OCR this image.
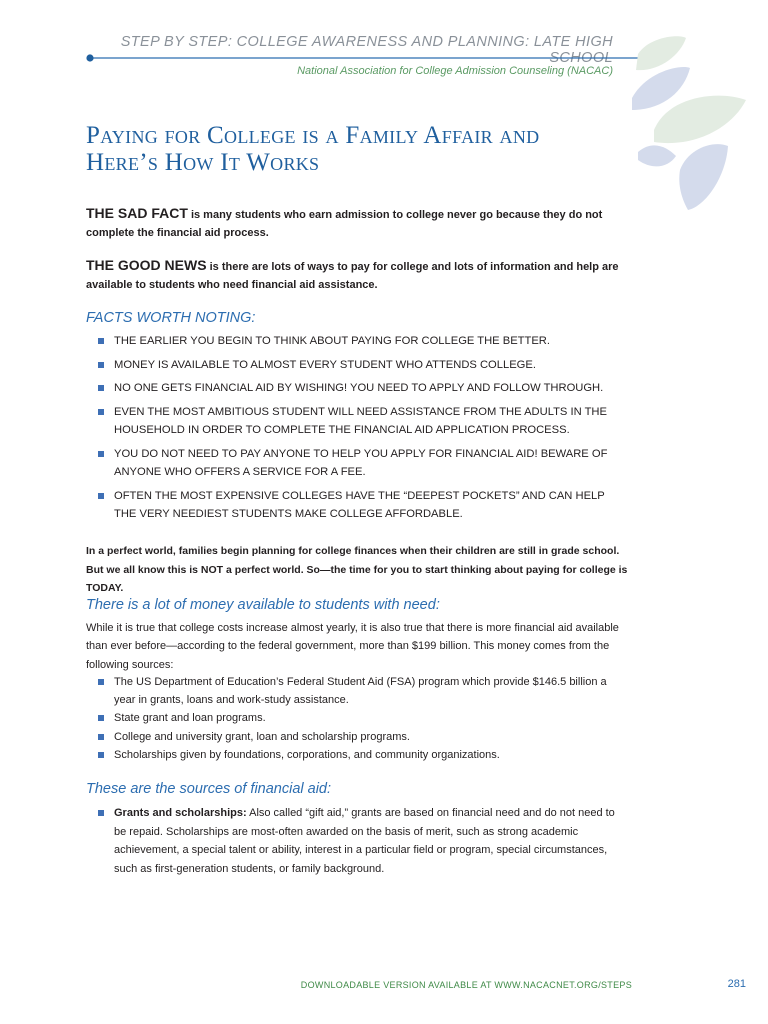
STEP BY STEP: COLLEGE AWARENESS AND PLANNING: LATE HIGH SCHOOL
National Association for College Admission Counseling (NACAC)
Paying for College is a Family Affair and
Here’s How It Works

THE SAD FACT is many students who earn admission to college never go because they do not complete the financial aid process.

THE GOOD NEWS is there are lots of ways to pay for college and lots of information and help are available to students who need financial aid assistance.

FACTS WORTH NOTING:
THE EARLIER YOU BEGIN TO THINK ABOUT PAYING FOR COLLEGE THE BETTER.
MONEY IS AVAILABLE TO ALMOST EVERY STUDENT WHO ATTENDS COLLEGE.
NO ONE GETS FINANCIAL AID BY WISHING! YOU NEED TO APPLY AND FOLLOW THROUGH.
EVEN THE MOST AMBITIOUS STUDENT WILL NEED ASSISTANCE FROM THE ADULTS IN THE HOUSEHOLD IN ORDER TO COMPLETE THE FINANCIAL AID APPLICATION PROCESS.
YOU DO NOT NEED TO PAY ANYONE TO HELP YOU APPLY FOR FINANCIAL AID! BEWARE OF ANYONE WHO OFFERS A SERVICE FOR A FEE.
OFTEN THE MOST EXPENSIVE COLLEGES HAVE THE “DEEPEST POCKETS” AND CAN HELP THE VERY NEEDIEST STUDENTS MAKE COLLEGE AFFORDABLE.

In a perfect world, families begin planning for college finances when their children are still in grade school. But we all know this is NOT a perfect world. So—the time for you to start thinking about paying for college is TODAY.

There is a lot of money available to students with need:

While it is true that college costs increase almost yearly, it is also true that there is more financial aid available than ever before—according to the federal government, more than $199 billion. This money comes from the following sources:

The US Department of Education’s Federal Student Aid (FSA) program which provide $146.5 billion a year in grants, loans and work-study assistance.
State grant and loan programs.
College and university grant, loan and scholarship programs.
Scholarships given by foundations, corporations, and community organizations.
These are the sources of financial aid:
Grants and scholarships: Also called “gift aid,” grants are based on financial need and do not need to be repaid. Scholarships are most-often awarded on the basis of merit, such as strong academic achievement, a special talent or ability, interest in a particular field or program, special circumstances, such as first-generation students, or family background.
DOWNLOADABLE VERSION AVAILABLE AT WWW.NACACNET.ORG/STEPS	281
